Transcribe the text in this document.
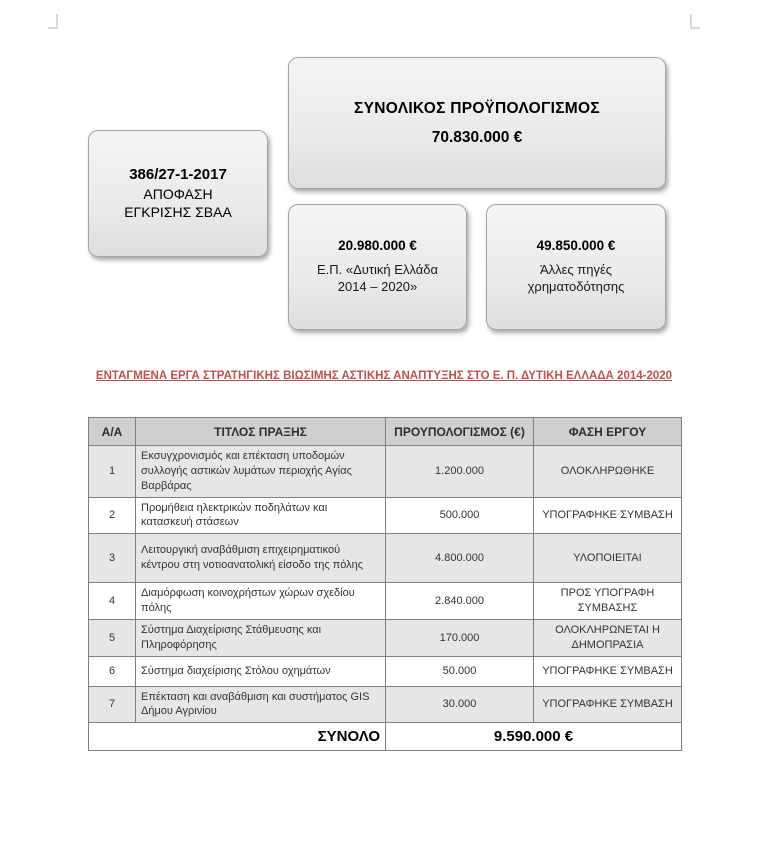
386/27-1-2017
ΑΠΟΦΑΣΗ
ΕΓΚΡΙΣΗΣ ΣΒΑΑ
ΣΥΝΟΛΙΚΟΣ ΠΡΟΫΠΟΛΟΓΙΣΜΟΣ
70.830.000 €
20.980.000 €
Ε.Π. «Δυτική Ελλάδα
2014 – 2020»
49.850.000 €
Άλλες πηγές
χρηματοδότησης
ΕΝΤΑΓΜΕΝΑ ΕΡΓΑ ΣΤΡΑΤΗΓΙΚΗΣ ΒΙΩΣΙΜΗΣ ΑΣΤΙΚΗΣ ΑΝΑΠΤΥΞΗΣ ΣΤΟ Ε. Π. ΔΥΤΙΚΗ ΕΛΛΑΔΑ 2014-2020
Α/Α	ΤΙΤΛΟΣ ΠΡΑΞΗΣ	ΠΡΟΥΠΟΛΟΓΙΣΜΟΣ (€)	ΦΑΣΗ ΕΡΓΟΥ
1	Εκσυγχρονισμός και επέκταση υποδομών συλλογής αστικών λυμάτων περιοχής Αγίας Βαρβάρας	1.200.000	ΟΛΟΚΛΗΡΩΘΗΚΕ
2	Προμήθεια ηλεκτρικών ποδηλάτων και κατασκευή στάσεων	500.000	ΥΠΟΓΡΑΦΗΚΕ ΣΥΜΒΑΣΗ
3	Λειτουργική αναβάθμιση επιχειρηματικού κέντρου στη νοτιοανατολική είσοδο της πόλης	4.800.000	ΥΛΟΠΟΙΕΙΤΑΙ
4	Διαμόρφωση κοινοχρήστων χώρων σχεδίου πόλης	2.840.000	ΠΡΟΣ ΥΠΟΓΡΑΦΗ ΣΥΜΒΑΣΗΣ
5	Σύστημα Διαχείρισης Στάθμευσης και Πληροφόρησης	170.000	ΟΛΟΚΛΗΡΩΝΕΤΑΙ Η ΔΗΜΟΠΡΑΣΙΑ
6	Σύστημα διαχείρισης Στόλου οχημάτων	50.000	ΥΠΟΓΡΑΦΗΚΕ ΣΥΜΒΑΣΗ
7	Επέκταση και αναβάθμιση και συστήματος GIS Δήμου Αγρινίου	30.000	ΥΠΟΓΡΑΦΗΚΕ ΣΥΜΒΑΣΗ
ΣΥΝΟΛΟ		9.590.000 €	
